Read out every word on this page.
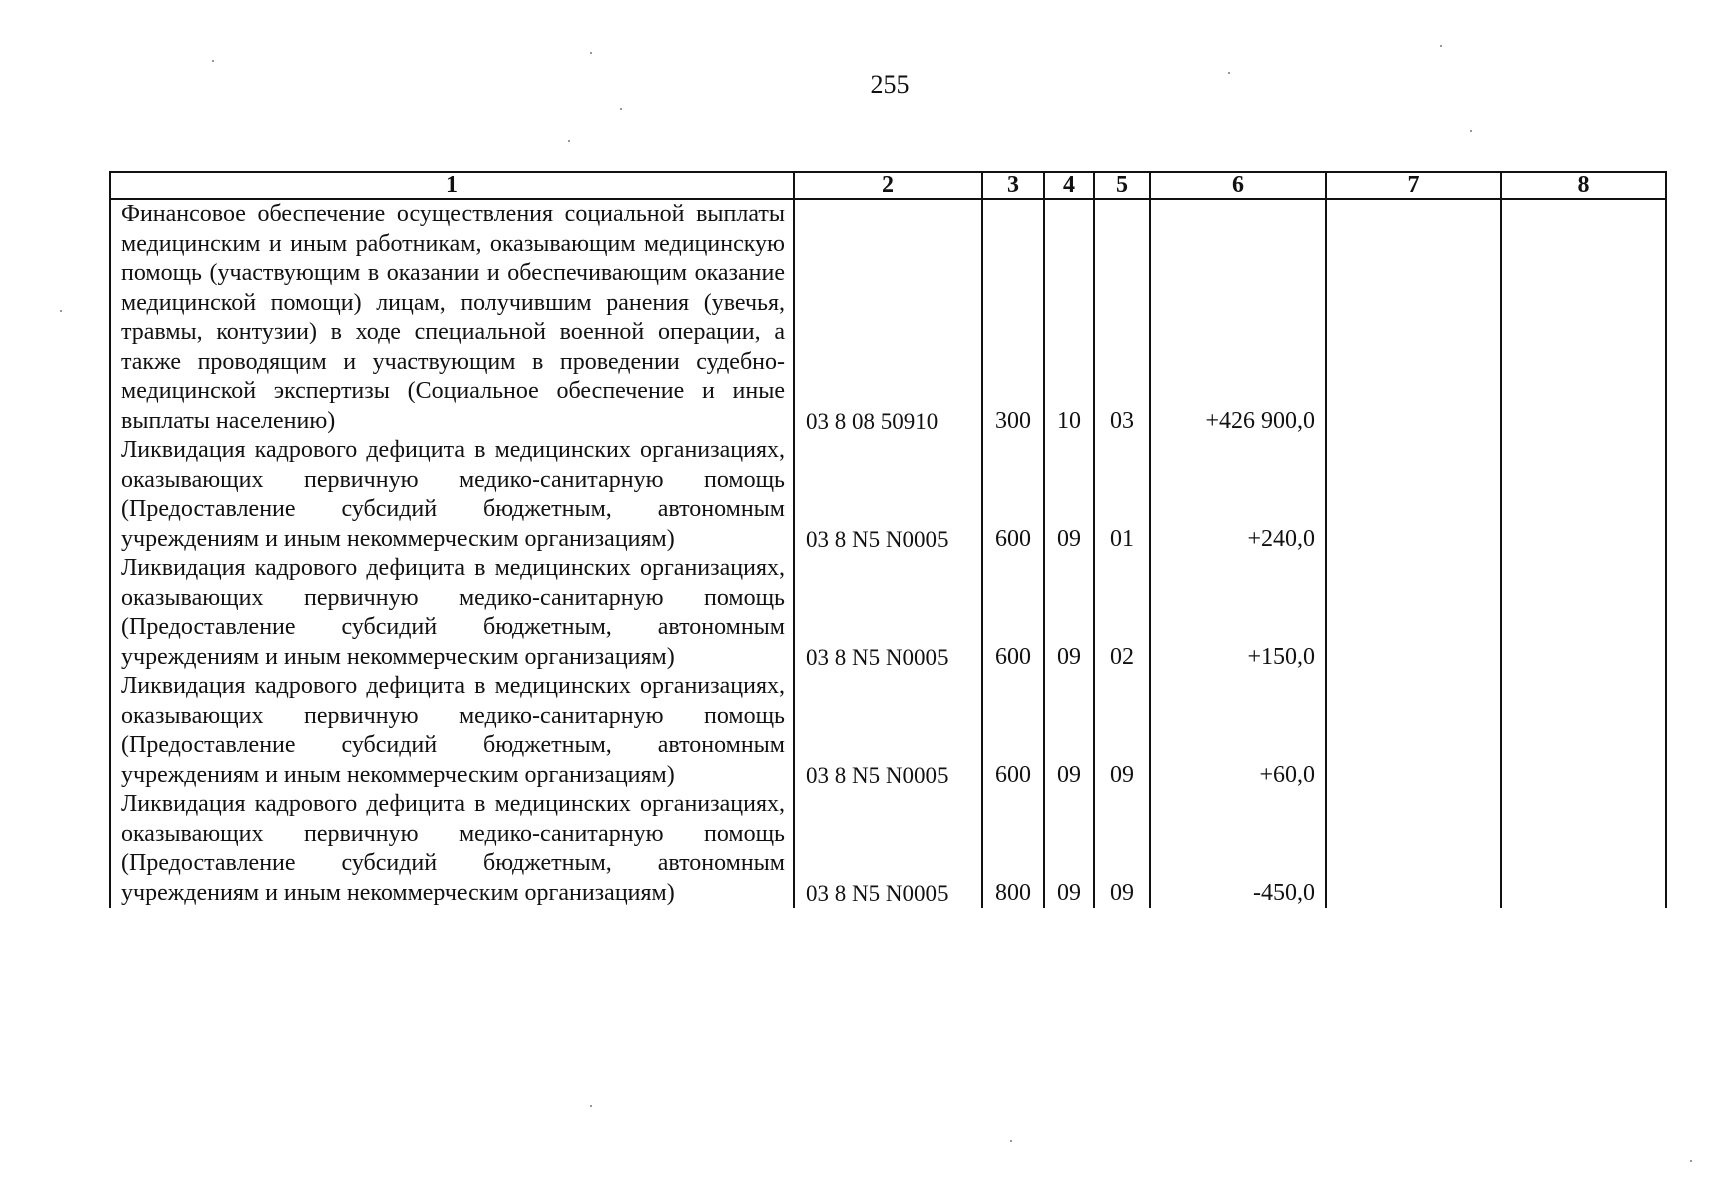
255
1	2	3	4	5	6	7	8

Финансовое обеспечение осуществления социальной выплаты медицинским и иным работникам, оказывающим медицинскую помощь (участвующим в оказании и обеспечивающим оказание медицинской помощи) лицам, получившим ранения (увечья, травмы, контузии) в ходе специальной военной операции, а также проводящим и участвующим в проведении судебно-медицинской экспертизы (Социальное обеспечение и иные выплаты населению)	03 8 08 50910	300	10	03	+426 900,0		

Ликвидация кадрового дефицита в медицинских организациях, оказывающих первичную медико-санитарную помощь (Предоставление субсидий бюджетным, автономным учреждениям и иным некоммерческим организациям)	03 8 N5 N0005	600	09	01	+240,0		

Ликвидация кадрового дефицита в медицинских организациях, оказывающих первичную медико-санитарную помощь (Предоставление субсидий бюджетным, автономным учреждениям и иным некоммерческим организациям)	03 8 N5 N0005	600	09	02	+150,0		

Ликвидация кадрового дефицита в медицинских организациях, оказывающих первичную медико-санитарную помощь (Предоставление субсидий бюджетным, автономным учреждениям и иным некоммерческим организациям)	03 8 N5 N0005	600	09	09	+60,0		

Ликвидация кадрового дефицита в медицинских организациях, оказывающих первичную медико-санитарную помощь (Предоставление субсидий бюджетным, автономным учреждениям и иным некоммерческим организациям)	03 8 N5 N0005	800	09	09	-450,0		
